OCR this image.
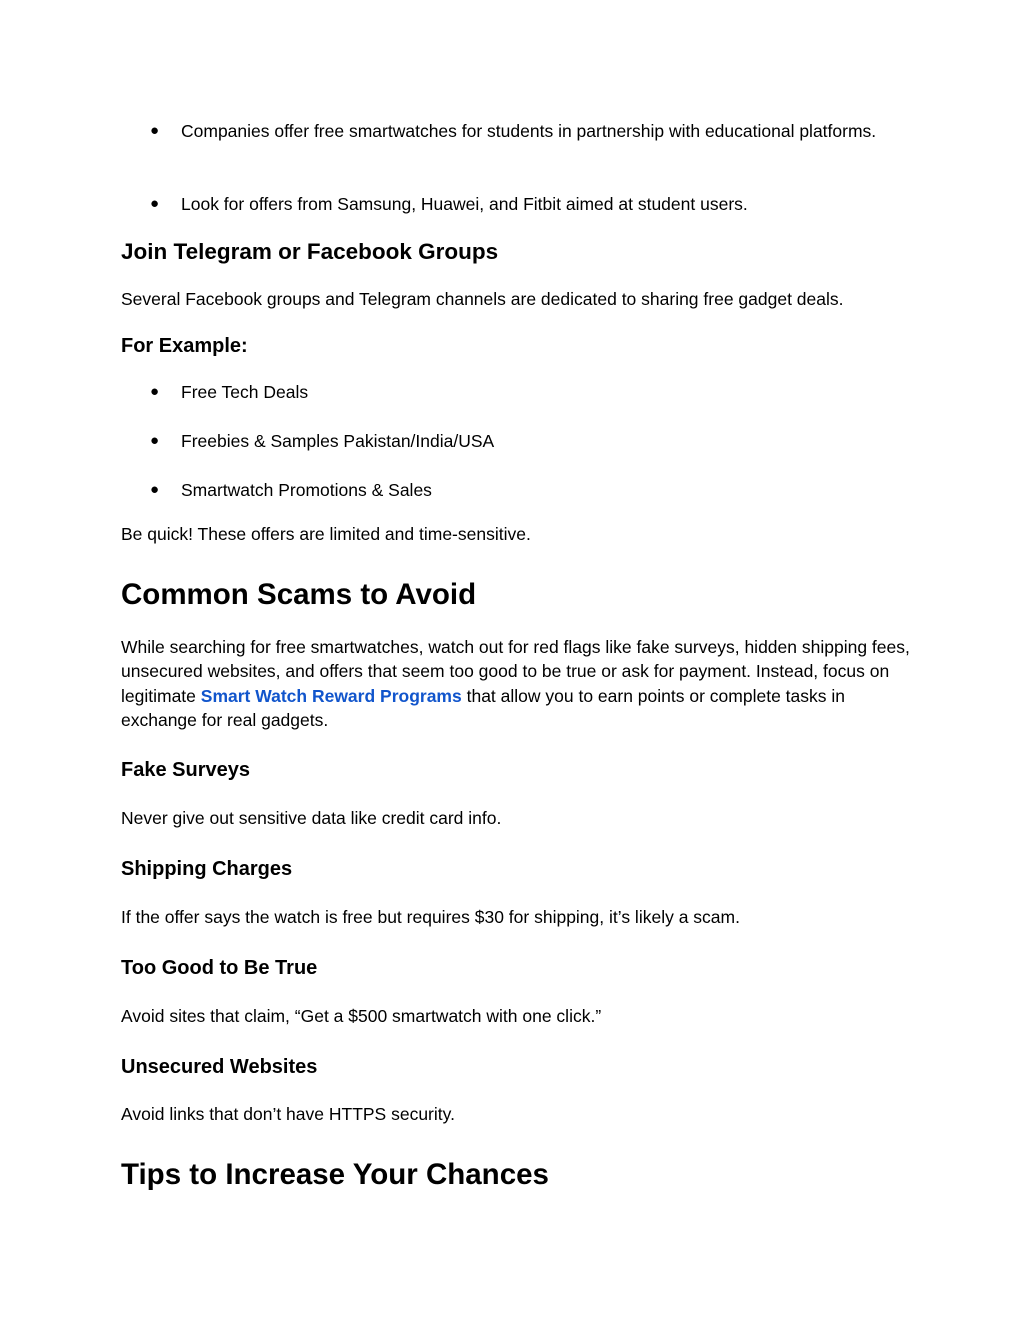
● Companies offer free smartwatches for students in partnership with educational platforms.
● Look for offers from Samsung, Huawei, and Fitbit aimed at student users.
Join Telegram or Facebook Groups
Several Facebook groups and Telegram channels are dedicated to sharing free gadget deals.
For Example:
● Free Tech Deals
● Freebies & Samples Pakistan/India/USA
● Smartwatch Promotions & Sales
Be quick! These offers are limited and time-sensitive.
Common Scams to Avoid
While searching for free smartwatches, watch out for red flags like fake surveys, hidden shipping fees, unsecured websites, and offers that seem too good to be true or ask for payment. Instead, focus on legitimate Smart Watch Reward Programs that allow you to earn points or complete tasks in exchange for real gadgets.
Fake Surveys
Never give out sensitive data like credit card info.
Shipping Charges
If the offer says the watch is free but requires $30 for shipping, it’s likely a scam.
Too Good to Be True
Avoid sites that claim, “Get a $500 smartwatch with one click.”
Unsecured Websites
Avoid links that don’t have HTTPS security.
Tips to Increase Your Chances
